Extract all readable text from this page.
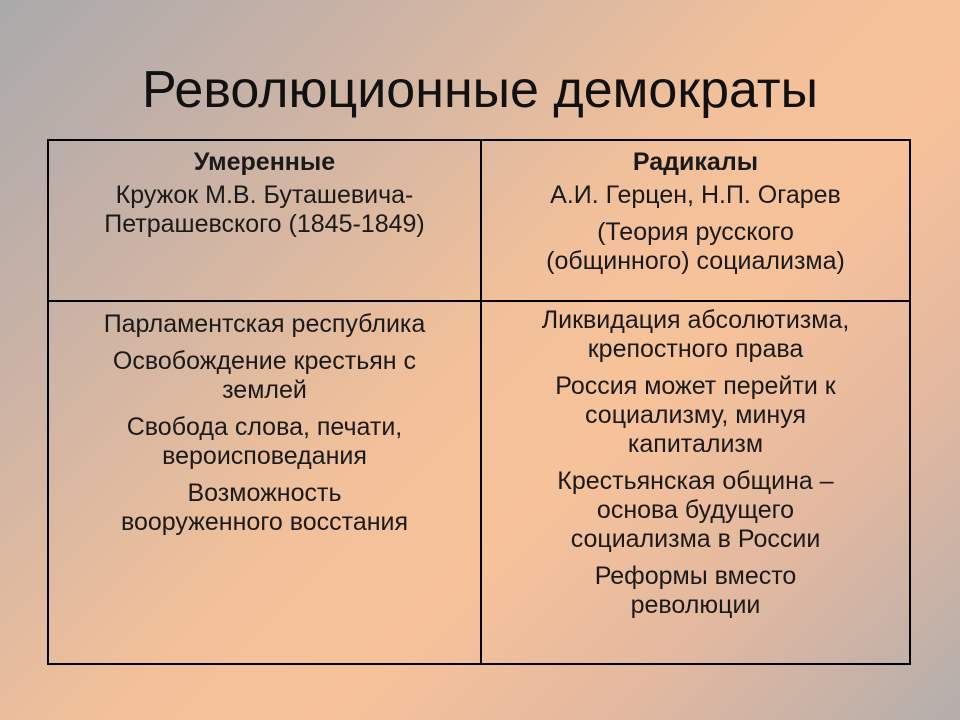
Революционные демократы
Умеренные
Кружок М.В. Буташевича-
Петрашевского (1845-1849)
Радикалы
А.И. Герцен, Н.П. Огарев
(Теория русского
(общинного) социализма)
Парламентская республика
Освобождение крестьян с
землей
Свобода слова, печати,
вероисповедания
Возможность
вооруженного восстания
Ликвидация абсолютизма,
крепостного права
Россия может перейти к
социализму, минуя
капитализм
Крестьянская община –
основа будущего
социализма в России
Реформы вместо
революции
